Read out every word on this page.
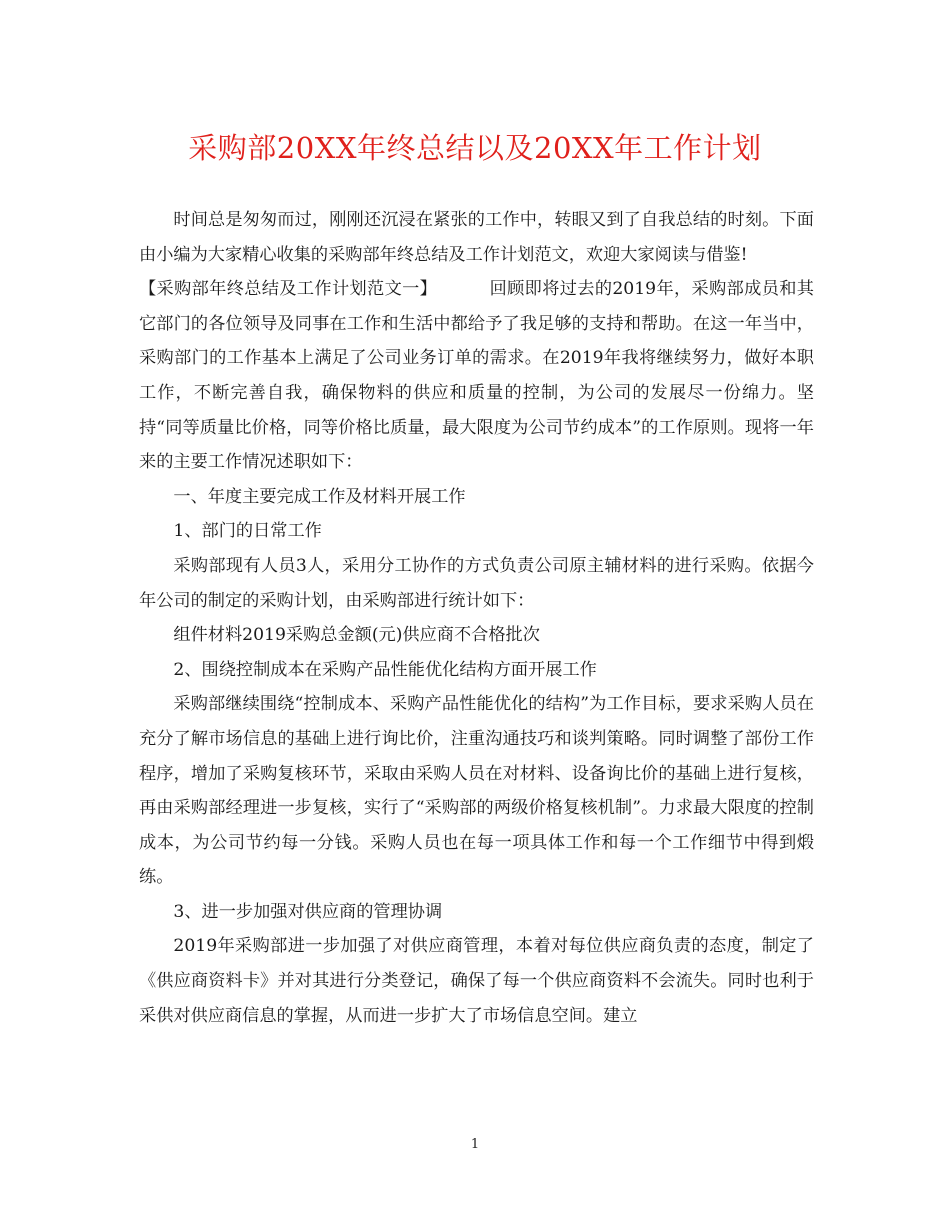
采购部20XX年终总结以及20XX年工作计划

时间总是匆匆而过，刚刚还沉浸在紧张的工作中，转眼又到了自我总结的时刻。下面由小编为大家精心收集的采购部年终总结及工作计划范文，欢迎大家阅读与借鉴!

【采购部年终总结及工作计划范文一】	回顾即将过去的2019年，采购部成员和其它部门的各位领导及同事在工作和生活中都给予了我足够的支持和帮助。在这一年当中，采购部门的工作基本上满足了公司业务订单的需求。在2019年我将继续努力，做好本职工作，不断完善自我，确保物料的供应和质量的控制，为公司的发展尽一份绵力。坚持“同等质量比价格，同等价格比质量，最大限度为公司节约成本”的工作原则。现将一年来的主要工作情况述职如下：

一、年度主要完成工作及材料开展工作

1、部门的日常工作

采购部现有人员3人，采用分工协作的方式负责公司原主辅材料的进行采购。依据今年公司的制定的采购计划，由采购部进行统计如下：

组件材料2019采购总金额(元)供应商不合格批次

2、围绕控制成本在采购产品性能优化结构方面开展工作

采购部继续围绕“控制成本、采购产品性能优化的结构”为工作目标，要求采购人员在充分了解市场信息的基础上进行询比价，注重沟通技巧和谈判策略。同时调整了部份工作程序，增加了采购复核环节，采取由采购人员在对材料、设备询比价的基础上进行复核，再由采购部经理进一步复核，实行了“采购部的两级价格复核机制”。力求最大限度的控制成本，为公司节约每一分钱。采购人员也在每一项具体工作和每一个工作细节中得到煅练。

3、进一步加强对供应商的管理协调

2019年采购部进一步加强了对供应商管理，本着对每位供应商负责的态度，制定了《供应商资料卡》并对其进行分类登记，确保了每一个供应商资料不会流失。同时也利于采供对供应商信息的掌握，从而进一步扩大了市场信息空间。建立

1
